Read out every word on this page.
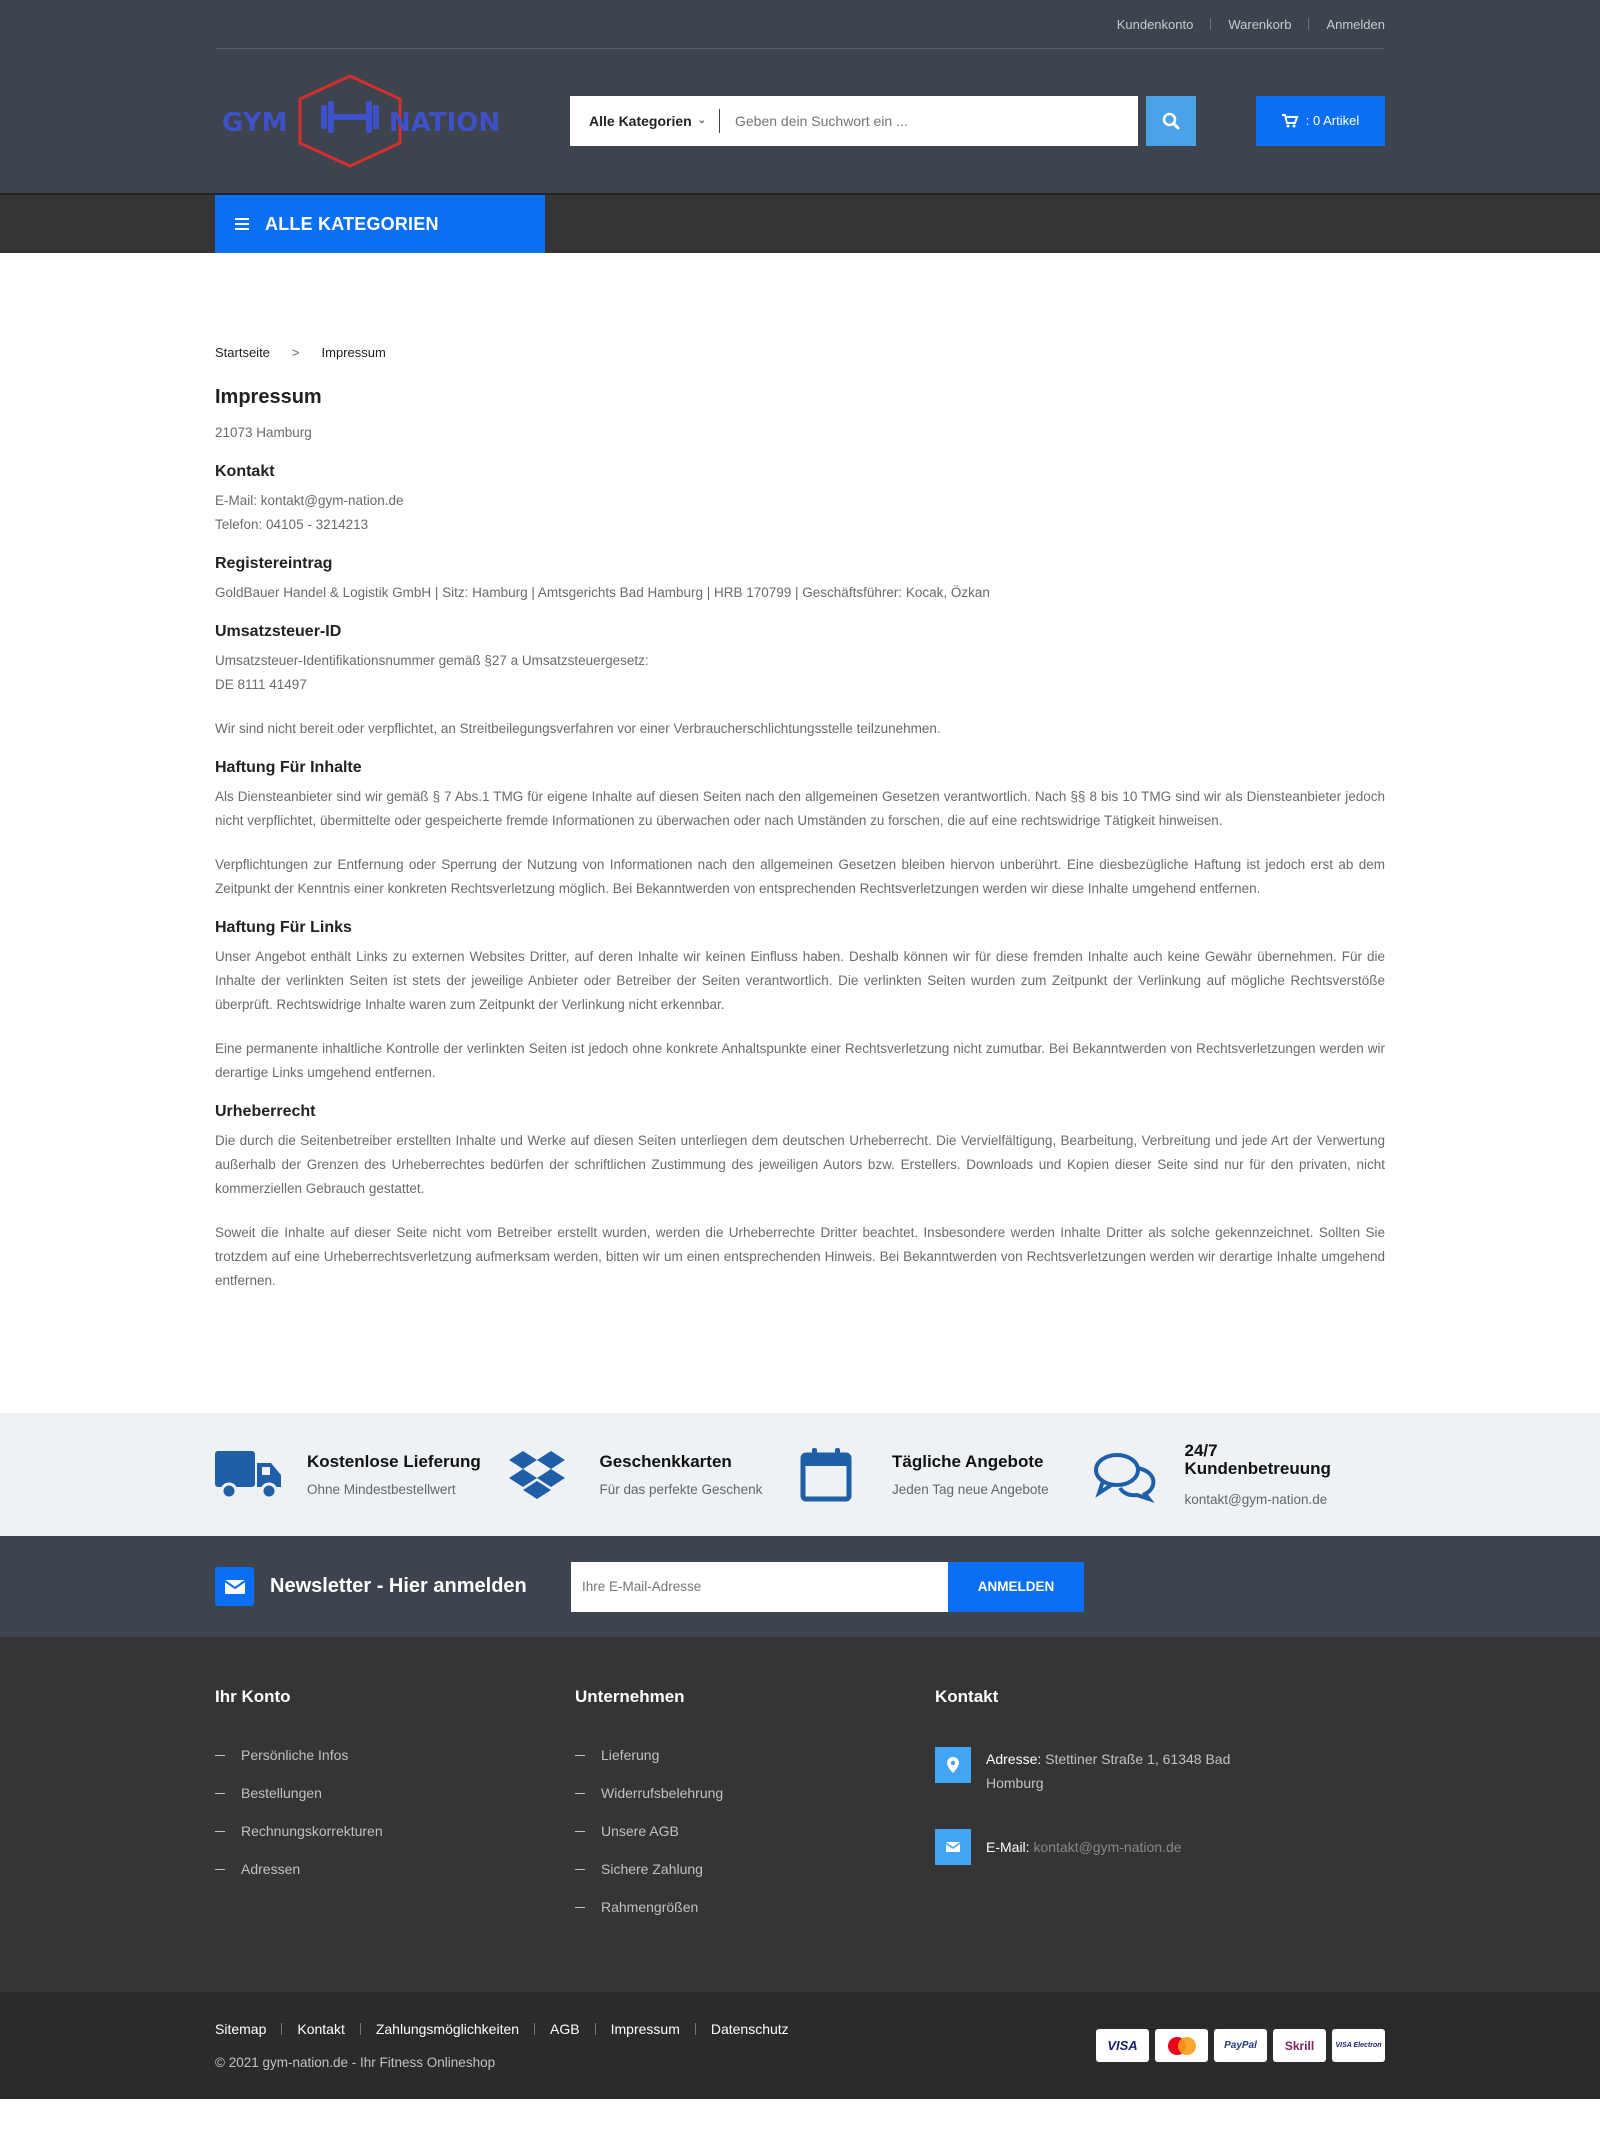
Kundenkonto	Warenkorb	Anmelden
GYM	NATION	Alle Kategorien ⌄
Geben dein Suchwort ein ...	: 0 Artikel
ALLE KATEGORIEN
Startseite > Impressum
Impressum

21073 Hamburg

Kontakt

E-Mail: kontakt@gym-nation.de

Telefon: 04105 - 3214213

Registereintrag

GoldBauer Handel & Logistik GmbH | Sitz: Hamburg | Amtsgerichts Bad Hamburg | HRB 170799 | Geschäftsführer: Kocak, Özkan

Umsatzsteuer-ID

Umsatzsteuer-Identifikationsnummer gemäß §27 a Umsatzsteuergesetz:

DE 8111 41497

Wir sind nicht bereit oder verpflichtet, an Streitbeilegungsverfahren vor einer Verbraucherschlichtungsstelle teilzunehmen.

Haftung Für Inhalte

Als Diensteanbieter sind wir gemäß § 7 Abs.1 TMG für eigene Inhalte auf diesen Seiten nach den allgemeinen Gesetzen verantwortlich. Nach §§ 8 bis 10 TMG sind wir als Diensteanbieter jedoch nicht verpflichtet, übermittelte oder gespeicherte fremde Informationen zu überwachen oder nach Umständen zu forschen, die auf eine rechtswidrige Tätigkeit hinweisen.

Verpflichtungen zur Entfernung oder Sperrung der Nutzung von Informationen nach den allgemeinen Gesetzen bleiben hiervon unberührt. Eine diesbezügliche Haftung ist jedoch erst ab dem Zeitpunkt der Kenntnis einer konkreten Rechtsverletzung möglich. Bei Bekanntwerden von entsprechenden Rechtsverletzungen werden wir diese Inhalte umgehend entfernen.

Haftung Für Links

Unser Angebot enthält Links zu externen Websites Dritter, auf deren Inhalte wir keinen Einfluss haben. Deshalb können wir für diese fremden Inhalte auch keine Gewähr übernehmen. Für die Inhalte der verlinkten Seiten ist stets der jeweilige Anbieter oder Betreiber der Seiten verantwortlich. Die verlinkten Seiten wurden zum Zeitpunkt der Verlinkung auf mögliche Rechtsverstöße überprüft. Rechtswidrige Inhalte waren zum Zeitpunkt der Verlinkung nicht erkennbar.

Eine permanente inhaltliche Kontrolle der verlinkten Seiten ist jedoch ohne konkrete Anhaltspunkte einer Rechtsverletzung nicht zumutbar. Bei Bekanntwerden von Rechtsverletzungen werden wir derartige Links umgehend entfernen.

Urheberrecht

Die durch die Seitenbetreiber erstellten Inhalte und Werke auf diesen Seiten unterliegen dem deutschen Urheberrecht. Die Vervielfältigung, Bearbeitung, Verbreitung und jede Art der Verwertung außerhalb der Grenzen des Urheberrechtes bedürfen der schriftlichen Zustimmung des jeweiligen Autors bzw. Erstellers. Downloads und Kopien dieser Seite sind nur für den privaten, nicht kommerziellen Gebrauch gestattet.

Soweit die Inhalte auf dieser Seite nicht vom Betreiber erstellt wurden, werden die Urheberrechte Dritter beachtet. Insbesondere werden Inhalte Dritter als solche gekennzeichnet. Sollten Sie trotzdem auf eine Urheberrechtsverletzung aufmerksam werden, bitten wir um einen entsprechenden Hinweis. Bei Bekanntwerden von Rechtsverletzungen werden wir derartige Inhalte umgehend entfernen.

Kostenlose Lieferung
Ohne Mindestbestellwert
Geschenkkarten
Für das perfekte Geschenk
Tägliche Angebote
Jeden Tag neue Angebote
24/7 Kundenbetreuung
kontakt@gym-nation.de
Newsletter - Hier anmelden
Ihre E-Mail-Adresse	ANMELDEN
Ihr Konto
Persönliche Infos
Bestellungen
Rechnungskorrekturen
Adressen
Unternehmen
Lieferung
Widerrufsbelehrung
Unsere AGB
Sichere Zahlung
Rahmengrößen
Kontakt
Adresse: Stettiner Straße 1, 61348 Bad Homburg
E-Mail: kontakt@gym-nation.de
Sitemap Kontakt Zahlungsmöglichkeiten AGB Impressum Datenschutz
© 2021 gym-nation.de - Ihr Fitness Onlineshop
VISA	PayPal	Skrill	VISA Electron
